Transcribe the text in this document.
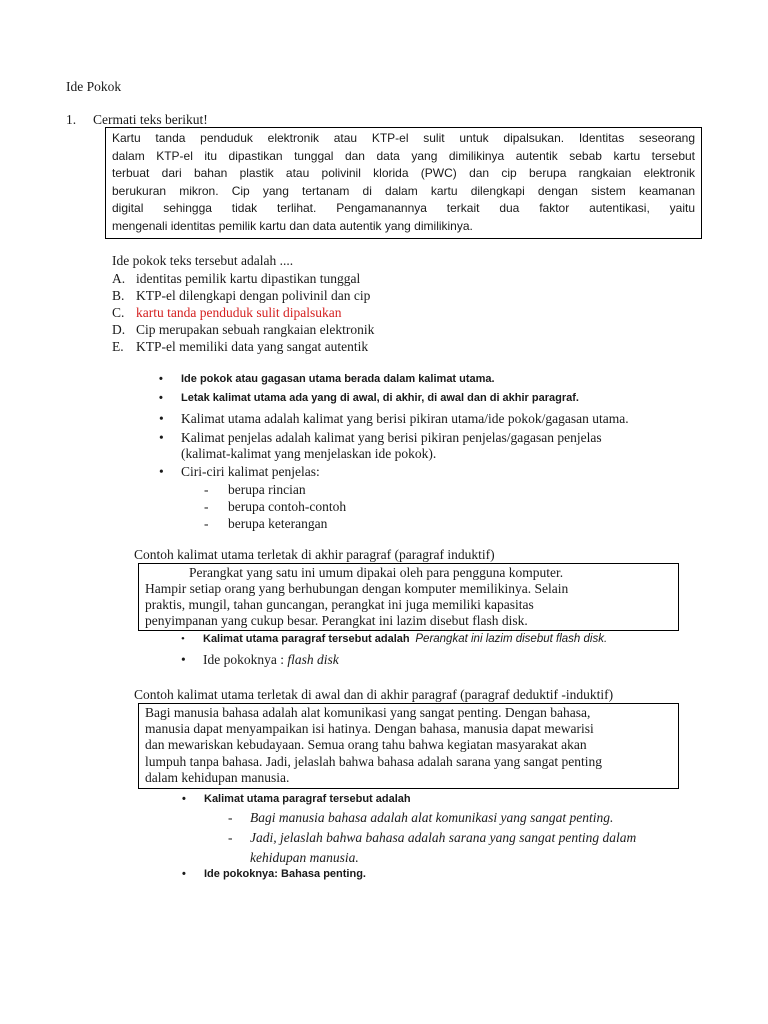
Ide Pokok
1. Cermati teks berikut!
Kartu tanda penduduk elektronik atau KTP-el sulit untuk dipalsukan. Identitas seseorang
dalam KTP-el itu dipastikan tunggal dan data yang dimilikinya autentik sebab kartu tersebut
terbuat dari bahan plastik atau polivinil klorida (PWC) dan cip berupa rangkaian elektronik
berukuran mikron. Cip yang tertanam di dalam kartu dilengkapi dengan sistem keamanan
digital sehingga tidak terlihat. Pengamanannya terkait dua faktor autentikasi, yaitu
mengenali identitas pemilik kartu dan data autentik yang dimilikinya.
Ide pokok teks tersebut adalah ....
A. identitas pemilik kartu dipastikan tunggal
B. KTP-el dilengkapi dengan polivinil dan cip
C. kartu tanda penduduk sulit dipalsukan
D. Cip merupakan sebuah rangkaian elektronik
E. KTP-el memiliki data yang sangat autentik
• Ide pokok atau gagasan utama berada dalam kalimat utama.
• Letak kalimat utama ada yang di awal, di akhir, di awal dan di akhir paragraf.
• Kalimat utama adalah kalimat yang berisi pikiran utama/ide pokok/gagasan utama.
• Kalimat penjelas adalah kalimat yang berisi pikiran penjelas/gagasan penjelas
(kalimat-kalimat yang menjelaskan ide pokok).
• Ciri-ciri kalimat penjelas:
- berupa rincian
- berupa contoh-contoh
- berupa keterangan
Contoh kalimat utama terletak di akhir paragraf (paragraf induktif)
Perangkat yang satu ini umum dipakai oleh para pengguna komputer.
Hampir setiap orang yang berhubungan dengan komputer memilikinya. Selain
praktis, mungil, tahan guncangan, perangkat ini juga memiliki kapasitas
penyimpanan yang cukup besar. Perangkat ini lazim disebut flash disk.
• Kalimat utama paragraf tersebut adalah Perangkat ini lazim disebut flash disk.
• Ide pokoknya : flash disk
Contoh kalimat utama terletak di awal dan di akhir paragraf (paragraf deduktif -induktif)
Bagi manusia bahasa adalah alat komunikasi yang sangat penting. Dengan bahasa,
manusia dapat menyampaikan isi hatinya. Dengan bahasa, manusia dapat mewarisi
dan mewariskan kebudayaan. Semua orang tahu bahwa kegiatan masyarakat akan
lumpuh tanpa bahasa. Jadi, jelaslah bahwa bahasa adalah sarana yang sangat penting
dalam kehidupan manusia.
• Kalimat utama paragraf tersebut adalah
- Bagi manusia bahasa adalah alat komunikasi yang sangat penting.
- Jadi, jelaslah bahwa bahasa adalah sarana yang sangat penting dalam
kehidupan manusia.
• Ide pokoknya: Bahasa penting.
